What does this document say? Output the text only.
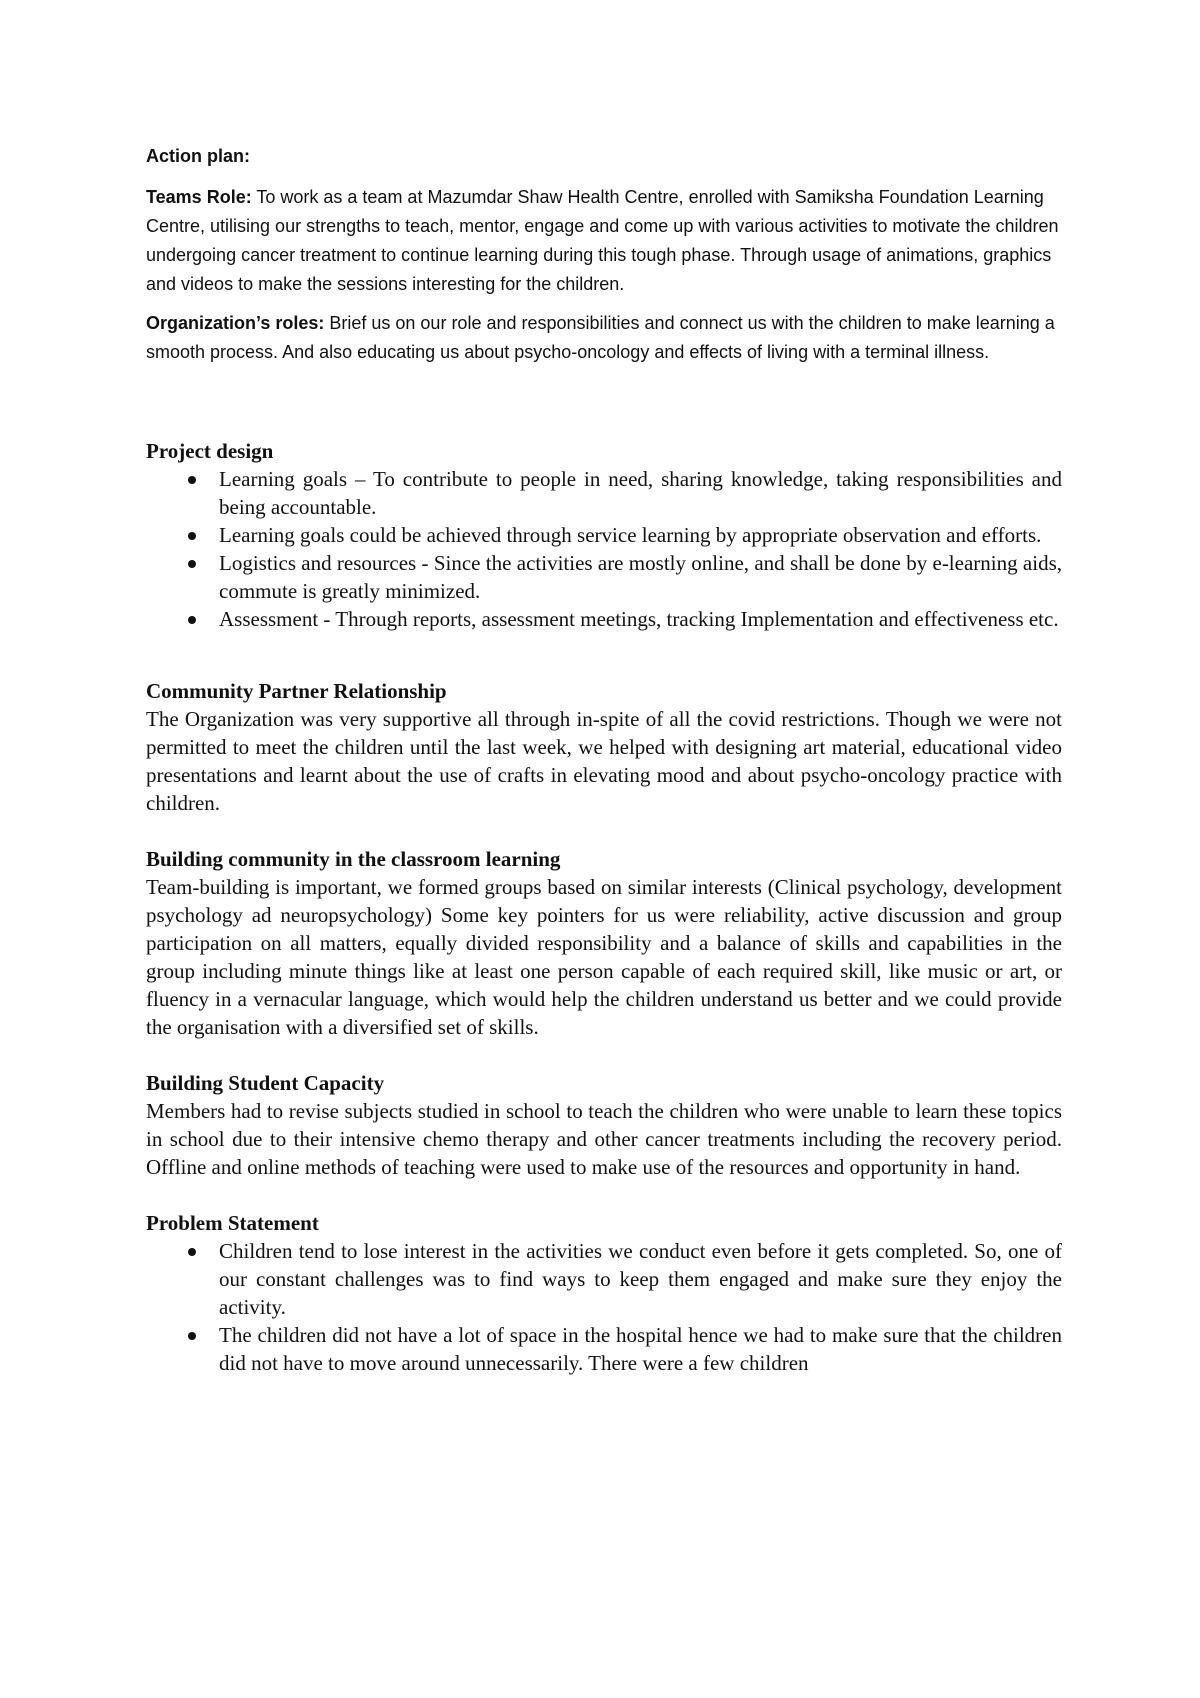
Action plan:

Teams Role: To work as a team at Mazumdar Shaw Health Centre, enrolled with Samiksha Foundation Learning Centre, utilising our strengths to teach, mentor, engage and come up with various activities to motivate the children undergoing cancer treatment to continue learning during this tough phase. Through usage of animations, graphics and videos to make the sessions interesting for the children.

Organization’s roles: Brief us on our role and responsibilities and connect us with the children to make learning a smooth process. And also educating us about psycho-oncology and effects of living with a terminal illness.

Project design
Learning goals – To contribute to people in need, sharing knowledge, taking responsibilities and being accountable.
Learning goals could be achieved through service learning by appropriate observation and efforts.
Logistics and resources - Since the activities are mostly online, and shall be done by e-learning aids, commute is greatly minimized.
Assessment - Through reports, assessment meetings, tracking Implementation and effectiveness etc.
Community Partner Relationship

The Organization was very supportive all through in-spite of all the covid restrictions. Though we were not permitted to meet the children until the last week, we helped with designing art material, educational video presentations and learnt about the use of crafts in elevating mood and about psycho-oncology practice with children.

Building community in the classroom learning

Team-building is important, we formed groups based on similar interests (Clinical psychology, development psychology ad neuropsychology) Some key pointers for us were reliability, active discussion and group participation on all matters, equally divided responsibility and a balance of skills and capabilities in the group including minute things like at least one person capable of each required skill, like music or art, or fluency in a vernacular language, which would help the children understand us better and we could provide the organisation with a diversified set of skills.

Building Student Capacity

Members had to revise subjects studied in school to teach the children who were unable to learn these topics in school due to their intensive chemo therapy and other cancer treatments including the recovery period. Offline and online methods of teaching were used to make use of the resources and opportunity in hand.

Problem Statement
Children tend to lose interest in the activities we conduct even before it gets completed. So, one of our constant challenges was to find ways to keep them engaged and make sure they enjoy the activity.
The children did not have a lot of space in the hospital hence we had to make sure that the children did not have to move around unnecessarily. There were a few children
